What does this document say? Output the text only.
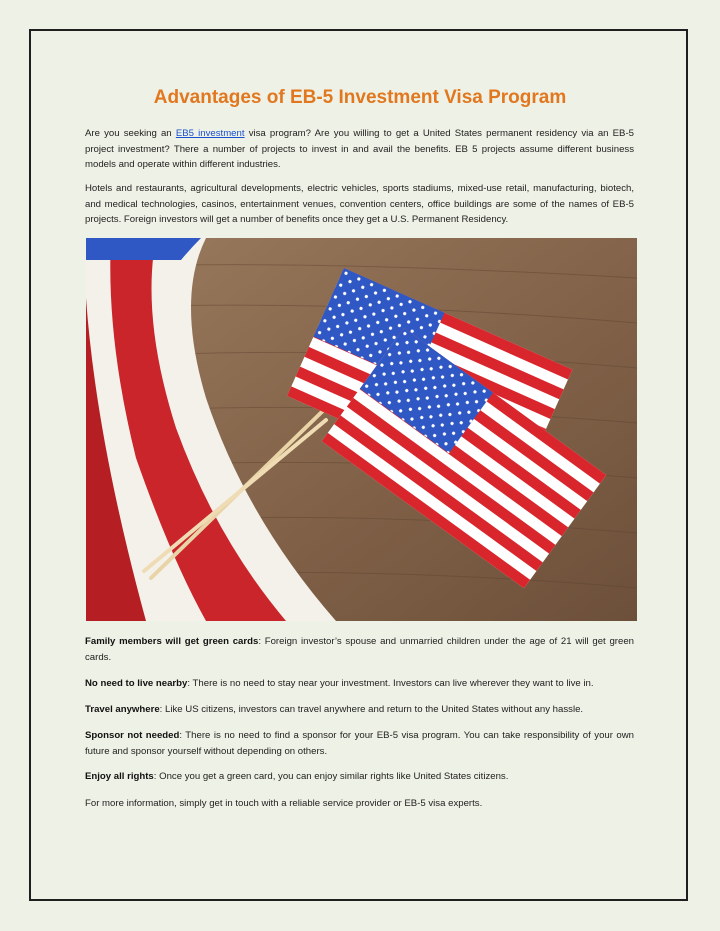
Advantages of EB-5 Investment Visa Program

Are you seeking an EB5 investment visa program? Are you willing to get a United States permanent residency via an EB-5 project investment? There a number of projects to invest in and avail the benefits. EB 5 projects assume different business models and operate within different industries.

Hotels and restaurants, agricultural developments, electric vehicles, sports stadiums, mixed-use retail, manufacturing, biotech, and medical technologies, casinos, entertainment venues, convention centers, office buildings are some of the names of EB-5 projects. Foreign investors will get a number of benefits once they get a U.S. Permanent Residency.

Family members will get green cards: Foreign investor’s spouse and unmarried children under the age of 21 will get green cards.

No need to live nearby: There is no need to stay near your investment. Investors can live wherever they want to live in.

Travel anywhere: Like US citizens, investors can travel anywhere and return to the United States without any hassle.

Sponsor not needed: There is no need to find a sponsor for your EB-5 visa program. You can take responsibility of your own future and sponsor yourself without depending on others.

Enjoy all rights: Once you get a green card, you can enjoy similar rights like United States citizens.

For more information, simply get in touch with a reliable service provider or EB-5 visa experts.
